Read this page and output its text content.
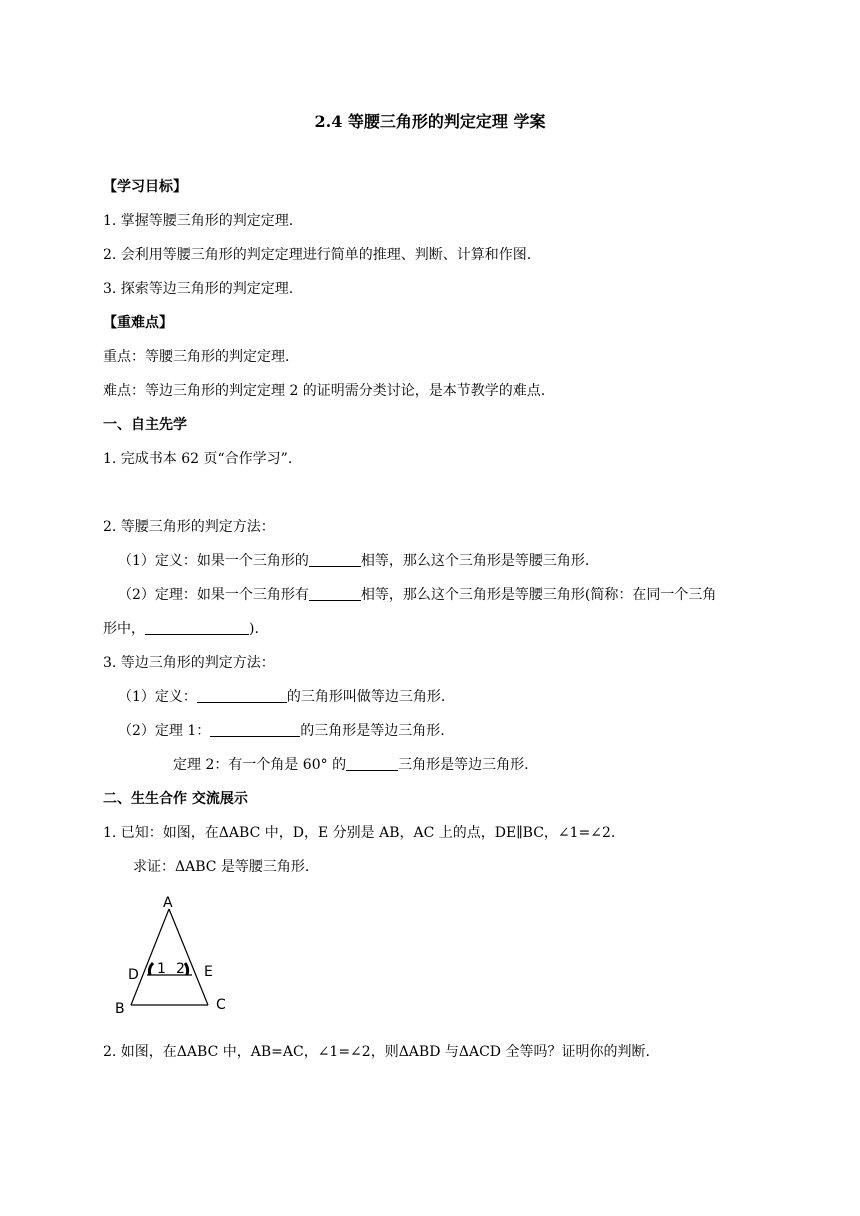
2.4 等腰三角形的判定定理 学案
【学习目标】
1. 掌握等腰三角形的判定定理.
2. 会利用等腰三角形的判定定理进行简单的推理、判断、计算和作图.
3. 探索等边三角形的判定定理.
【重难点】
重点：等腰三角形的判定定理.
难点：等边三角形的判定定理 2 的证明需分类讨论，是本节教学的难点.
一、自主先学
1. 完成书本 62 页“合作学习”.
2. 等腰三角形的判定方法：
（1）定义：如果一个三角形的	相等，那么这个三角形是等腰三角形.
（2）定理：如果一个三角形有	相等，那么这个三角形是等腰三角形(简称：在同一个三角
形中，	).
3. 等边三角形的判定方法：
（1）定义：	的三角形叫做等边三角形.
（2）定理 1：	的三角形是等边三角形.
定理 2：有一个角是 60° 的	三角形是等边三角形.
二、生生合作 交流展示
1. 已知：如图，在ΔABC 中，D，E 分别是 AB，AC 上的点，DE∥BC，∠1=∠2.
求证：ΔABC 是等腰三角形.
A
D	E
B	C
1 2
2. 如图，在ΔABC 中，AB=AC，∠1=∠2，则ΔABD 与ΔACD 全等吗？证明你的判断.
